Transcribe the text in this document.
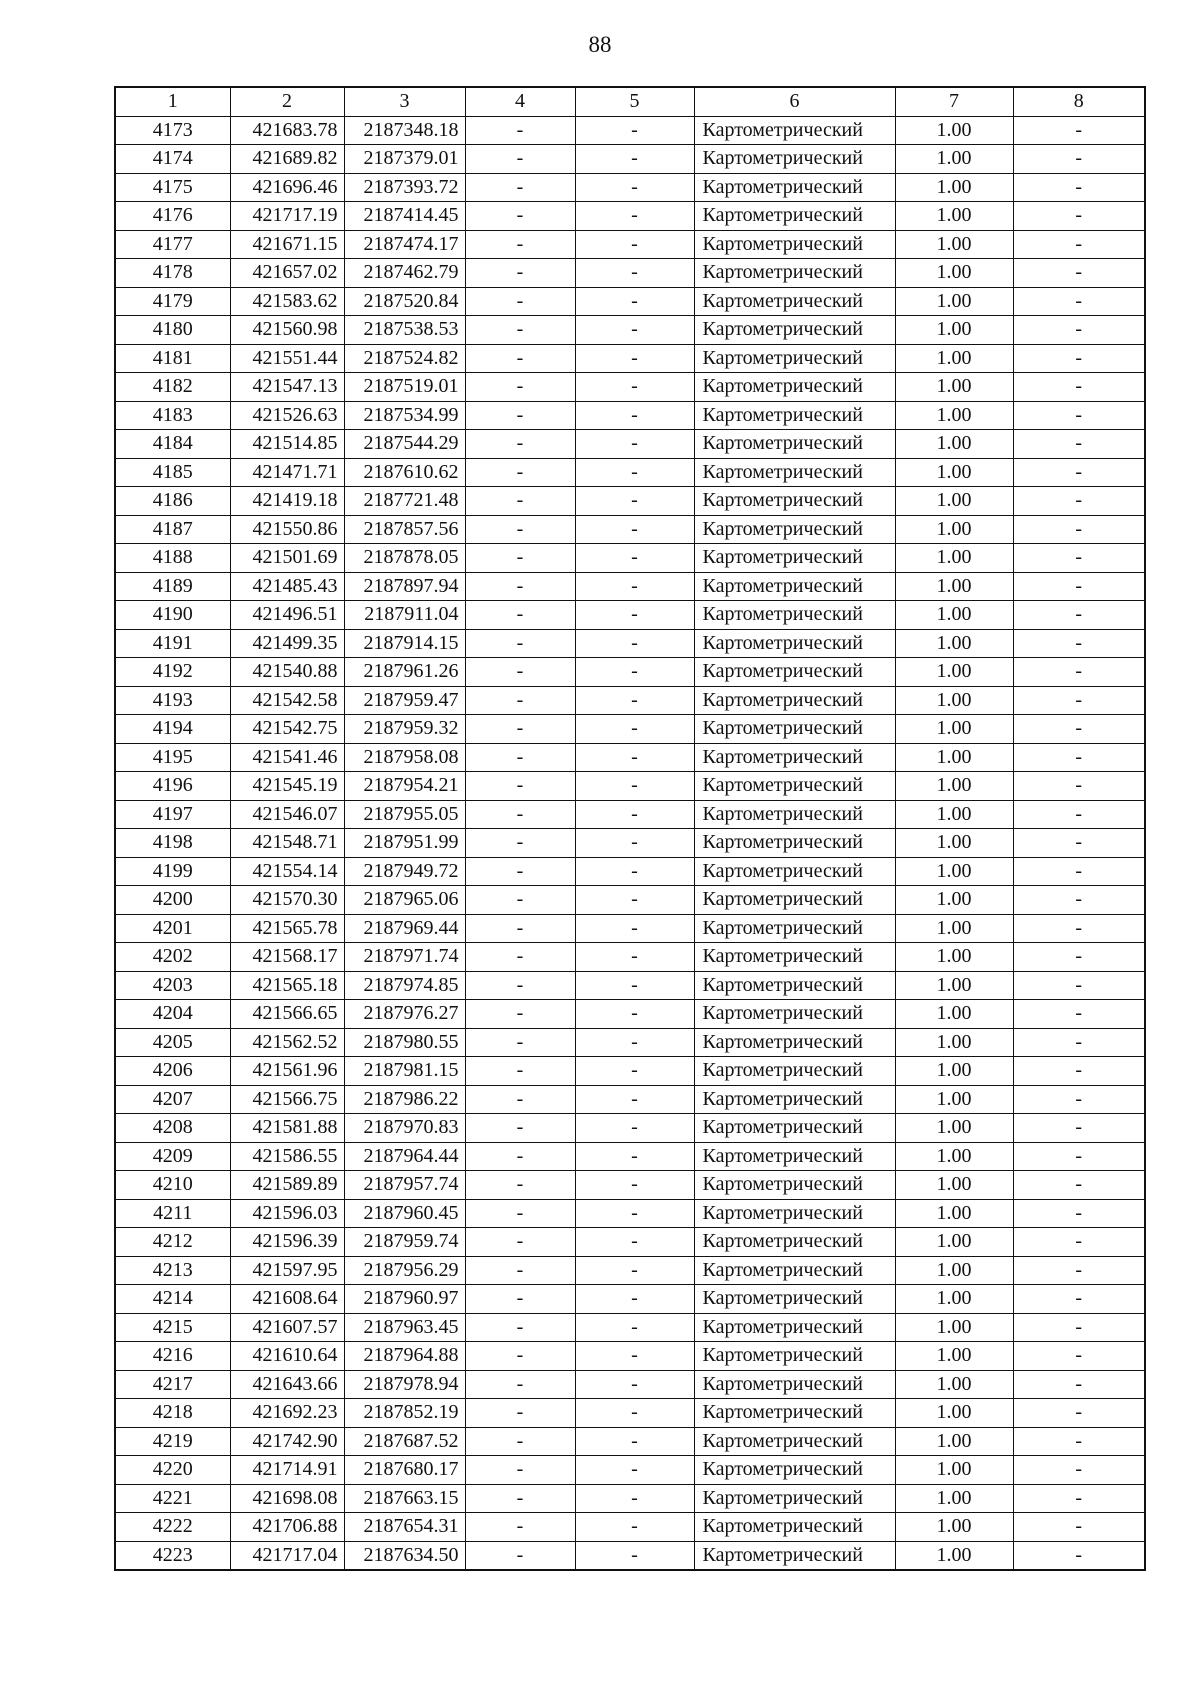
88
1	2	3	4	5	6	7	8
4173	421683.78	2187348.18	-	-	Картометрический	1.00	-
4174	421689.82	2187379.01	-	-	Картометрический	1.00	-
4175	421696.46	2187393.72	-	-	Картометрический	1.00	-
4176	421717.19	2187414.45	-	-	Картометрический	1.00	-
4177	421671.15	2187474.17	-	-	Картометрический	1.00	-
4178	421657.02	2187462.79	-	-	Картометрический	1.00	-
4179	421583.62	2187520.84	-	-	Картометрический	1.00	-
4180	421560.98	2187538.53	-	-	Картометрический	1.00	-
4181	421551.44	2187524.82	-	-	Картометрический	1.00	-
4182	421547.13	2187519.01	-	-	Картометрический	1.00	-
4183	421526.63	2187534.99	-	-	Картометрический	1.00	-
4184	421514.85	2187544.29	-	-	Картометрический	1.00	-
4185	421471.71	2187610.62	-	-	Картометрический	1.00	-
4186	421419.18	2187721.48	-	-	Картометрический	1.00	-
4187	421550.86	2187857.56	-	-	Картометрический	1.00	-
4188	421501.69	2187878.05	-	-	Картометрический	1.00	-
4189	421485.43	2187897.94	-	-	Картометрический	1.00	-
4190	421496.51	2187911.04	-	-	Картометрический	1.00	-
4191	421499.35	2187914.15	-	-	Картометрический	1.00	-
4192	421540.88	2187961.26	-	-	Картометрический	1.00	-
4193	421542.58	2187959.47	-	-	Картометрический	1.00	-
4194	421542.75	2187959.32	-	-	Картометрический	1.00	-
4195	421541.46	2187958.08	-	-	Картометрический	1.00	-
4196	421545.19	2187954.21	-	-	Картометрический	1.00	-
4197	421546.07	2187955.05	-	-	Картометрический	1.00	-
4198	421548.71	2187951.99	-	-	Картометрический	1.00	-
4199	421554.14	2187949.72	-	-	Картометрический	1.00	-
4200	421570.30	2187965.06	-	-	Картометрический	1.00	-
4201	421565.78	2187969.44	-	-	Картометрический	1.00	-
4202	421568.17	2187971.74	-	-	Картометрический	1.00	-
4203	421565.18	2187974.85	-	-	Картометрический	1.00	-
4204	421566.65	2187976.27	-	-	Картометрический	1.00	-
4205	421562.52	2187980.55	-	-	Картометрический	1.00	-
4206	421561.96	2187981.15	-	-	Картометрический	1.00	-
4207	421566.75	2187986.22	-	-	Картометрический	1.00	-
4208	421581.88	2187970.83	-	-	Картометрический	1.00	-
4209	421586.55	2187964.44	-	-	Картометрический	1.00	-
4210	421589.89	2187957.74	-	-	Картометрический	1.00	-
4211	421596.03	2187960.45	-	-	Картометрический	1.00	-
4212	421596.39	2187959.74	-	-	Картометрический	1.00	-
4213	421597.95	2187956.29	-	-	Картометрический	1.00	-
4214	421608.64	2187960.97	-	-	Картометрический	1.00	-
4215	421607.57	2187963.45	-	-	Картометрический	1.00	-
4216	421610.64	2187964.88	-	-	Картометрический	1.00	-
4217	421643.66	2187978.94	-	-	Картометрический	1.00	-
4218	421692.23	2187852.19	-	-	Картометрический	1.00	-
4219	421742.90	2187687.52	-	-	Картометрический	1.00	-
4220	421714.91	2187680.17	-	-	Картометрический	1.00	-
4221	421698.08	2187663.15	-	-	Картометрический	1.00	-
4222	421706.88	2187654.31	-	-	Картометрический	1.00	-
4223	421717.04	2187634.50	-	-	Картометрический	1.00	-
